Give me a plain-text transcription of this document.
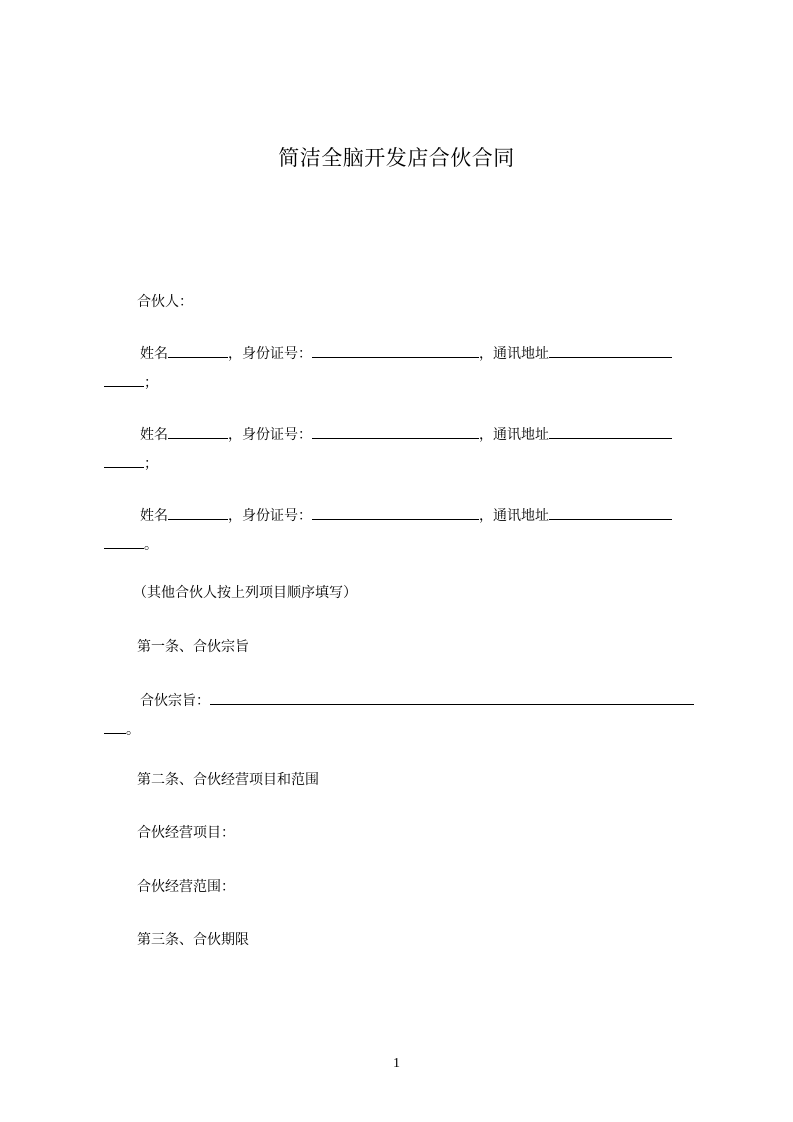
简洁全脑开发店合伙合同
合伙人：
姓名	，身份证号：	，通讯地址
；
姓名	，身份证号：	，通讯地址
；
姓名	，身份证号：	，通讯地址
。
（其他合伙人按上列项目顺序填写）
第一条、合伙宗旨
合伙宗旨：
。
第二条、合伙经营项目和范围
合伙经营项目：
合伙经营范围：
第三条、合伙期限
1
